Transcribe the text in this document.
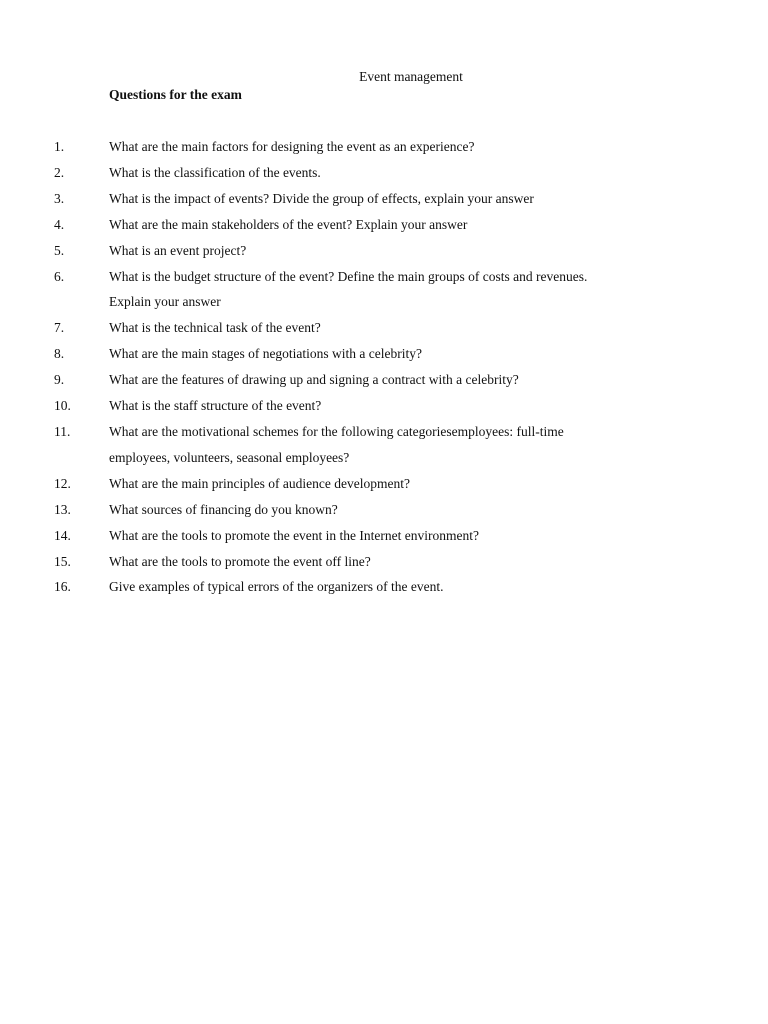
Event management
Questions for the exam
1.	What are the main factors for designing the event as an experience?
2.	What is the classification of the events.
3.	What is the impact of events? Divide the group of effects, explain your answer
4.	What are the main stakeholders of the event? Explain your answer
5.	What is an event project?
6.	What is the budget structure of the event? Define the main groups of costs and revenues.
Explain your answer
7.	What is the technical task of the event?
8.	What are the main stages of negotiations with a celebrity?
9.	What are the features of drawing up and signing a contract with a celebrity?
10.	What is the staff structure of the event?
11.	What are the motivational schemes for the following categoriesemployees: full-time
employees, volunteers, seasonal employees?
12.	What are the main principles of audience development?
13.	What sources of financing do you known?
14.	What are the tools to promote the event in the Internet environment?
15.	What are the tools to promote the event off line?
16.	Give examples of typical errors of the organizers of the event.
